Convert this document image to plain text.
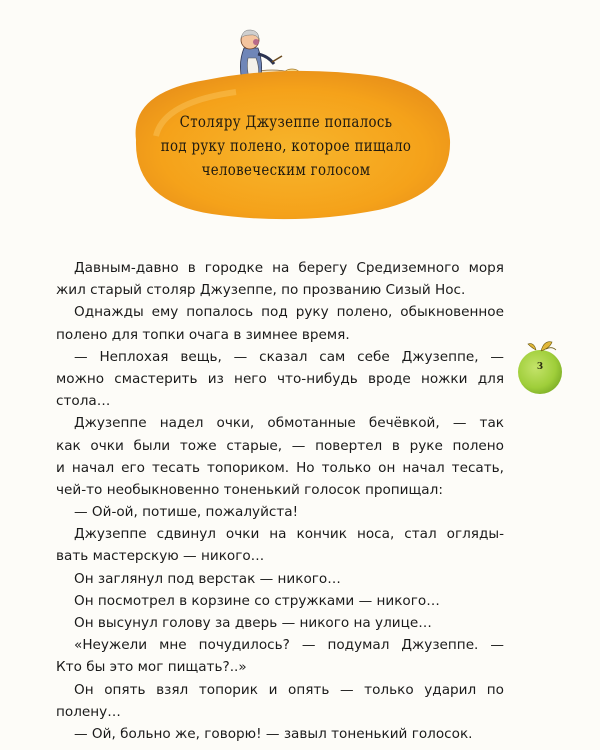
Столяру Джузеппе попалось
под руку полено, которое пищало
человеческим голосом
3
Давным-давно в городке на берегу Средиземного моря
жил старый столяр Джузеппе, по прозванию Сизый Нос.
Однажды ему попалось под руку полено, обыкновенное
полено для топки очага в зимнее время.
— Неплохая вещь, — сказал сам себе Джузеппе, —
можно смастерить из него что-нибудь вроде ножки для
стола…
Джузеппе надел очки, обмотанные бечёвкой, — так
как очки были тоже старые, — повертел в руке полено
и начал его тесать топориком. Но только он начал тесать,
чей-то необыкновенно тоненький голосок пропищал:
— Ой-ой, потише, пожалуйста!
Джузеппе сдвинул очки на кончик носа, стал огляды-
вать мастерскую — никого…
Он заглянул под верстак — никого…
Он посмотрел в корзине со стружками — никого…
Он высунул голову за дверь — никого на улице…
«Неужели мне почудилось? — подумал Джузеппе. —
Кто бы это мог пищать?..»
Он опять взял топорик и опять — только ударил по
полену…
— Ой, больно же, говорю! — завыл тоненький голосок.
